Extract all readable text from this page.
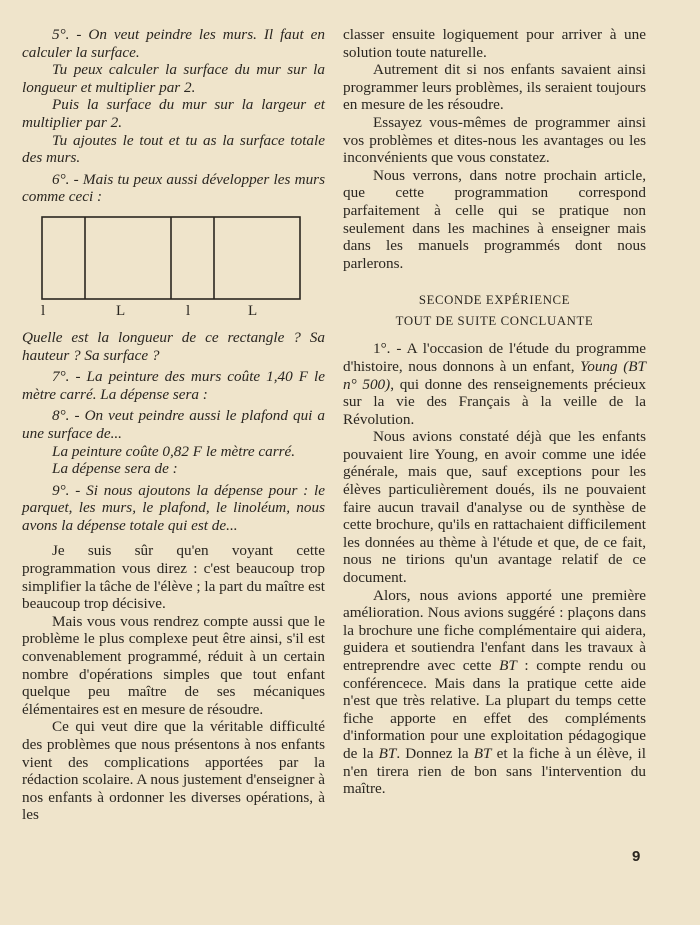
5°. - On veut peindre les murs. Il faut en calculer la surface.

Tu peux calculer la surface du mur sur la longueur et multiplier par 2.

Puis la surface du mur sur la largeur et multiplier par 2.

Tu ajoutes le tout et tu as la surface totale des murs.

6°. - Mais tu peux aussi développer les murs comme ceci :

l	L	l	L

Quelle est la longueur de ce rectangle ? Sa hauteur ? Sa surface ?

7°. - La peinture des murs coûte 1,40 F le mètre carré. La dépense sera :

8°. - On veut peindre aussi le plafond qui a une surface de...

La peinture coûte 0,82 F le mètre carré.

La dépense sera de :

9°. - Si nous ajoutons la dépense pour : le parquet, les murs, le plafond, le linoléum, nous avons la dépense totale qui est de...

Je suis sûr qu'en voyant cette programmation vous direz : c'est beaucoup trop simplifier la tâche de l'élève ; la part du maître est beaucoup trop décisive.

Mais vous vous rendrez compte aussi que le problème le plus complexe peut être ainsi, s'il est convenablement programmé, réduit à un certain nombre d'opérations simples que tout enfant quelque peu maître de ses mécaniques élémentaires est en mesure de résoudre.

Ce qui veut dire que la véritable difficulté des problèmes que nous présentons à nos enfants vient des complications apportées par la rédaction scolaire. A nous justement d'enseigner à nos enfants à ordonner les diverses opérations, à les

classer ensuite logiquement pour arriver à une solution toute naturelle.

Autrement dit si nos enfants savaient ainsi programmer leurs problèmes, ils seraient toujours en mesure de les résoudre.

Essayez vous-mêmes de programmer ainsi vos problèmes et dites-nous les avantages ou les inconvénients que vous constatez.

Nous verrons, dans notre prochain article, que cette programmation correspond parfaitement à celle qui se pratique non seulement dans les machines à enseigner mais dans les manuels programmés dont nous parlerons.

SECONDE EXPÉRIENCE
TOUT DE SUITE CONCLUANTE

1°. - A l'occasion de l'étude du programme d'histoire, nous donnons à un enfant, Young (BT n° 500), qui donne des renseignements précieux sur la vie des Français à la veille de la Révolution.

Nous avions constaté déjà que les enfants pouvaient lire Young, en avoir comme une idée générale, mais que, sauf exceptions pour les élèves particulièrement doués, ils ne pouvaient faire aucun travail d'analyse ou de synthèse de cette brochure, qu'ils en rattachaient difficilement les données au thème à l'étude et que, de ce fait, nous ne tirions qu'un avantage relatif de ce document.

Alors, nous avions apporté une première amélioration. Nous avions suggéré : plaçons dans la brochure une fiche complémentaire qui aidera, guidera et soutiendra l'enfant dans les travaux à entreprendre avec cette BT : compte rendu ou conférencece. Mais dans la pratique cette aide n'est que très relative. La plupart du temps cette fiche apporte en effet des compléments d'information pour une exploitation pédagogique de la BT. Donnez la BT et la fiche à un élève, il n'en tirera rien de bon sans l'intervention du maître.

9
